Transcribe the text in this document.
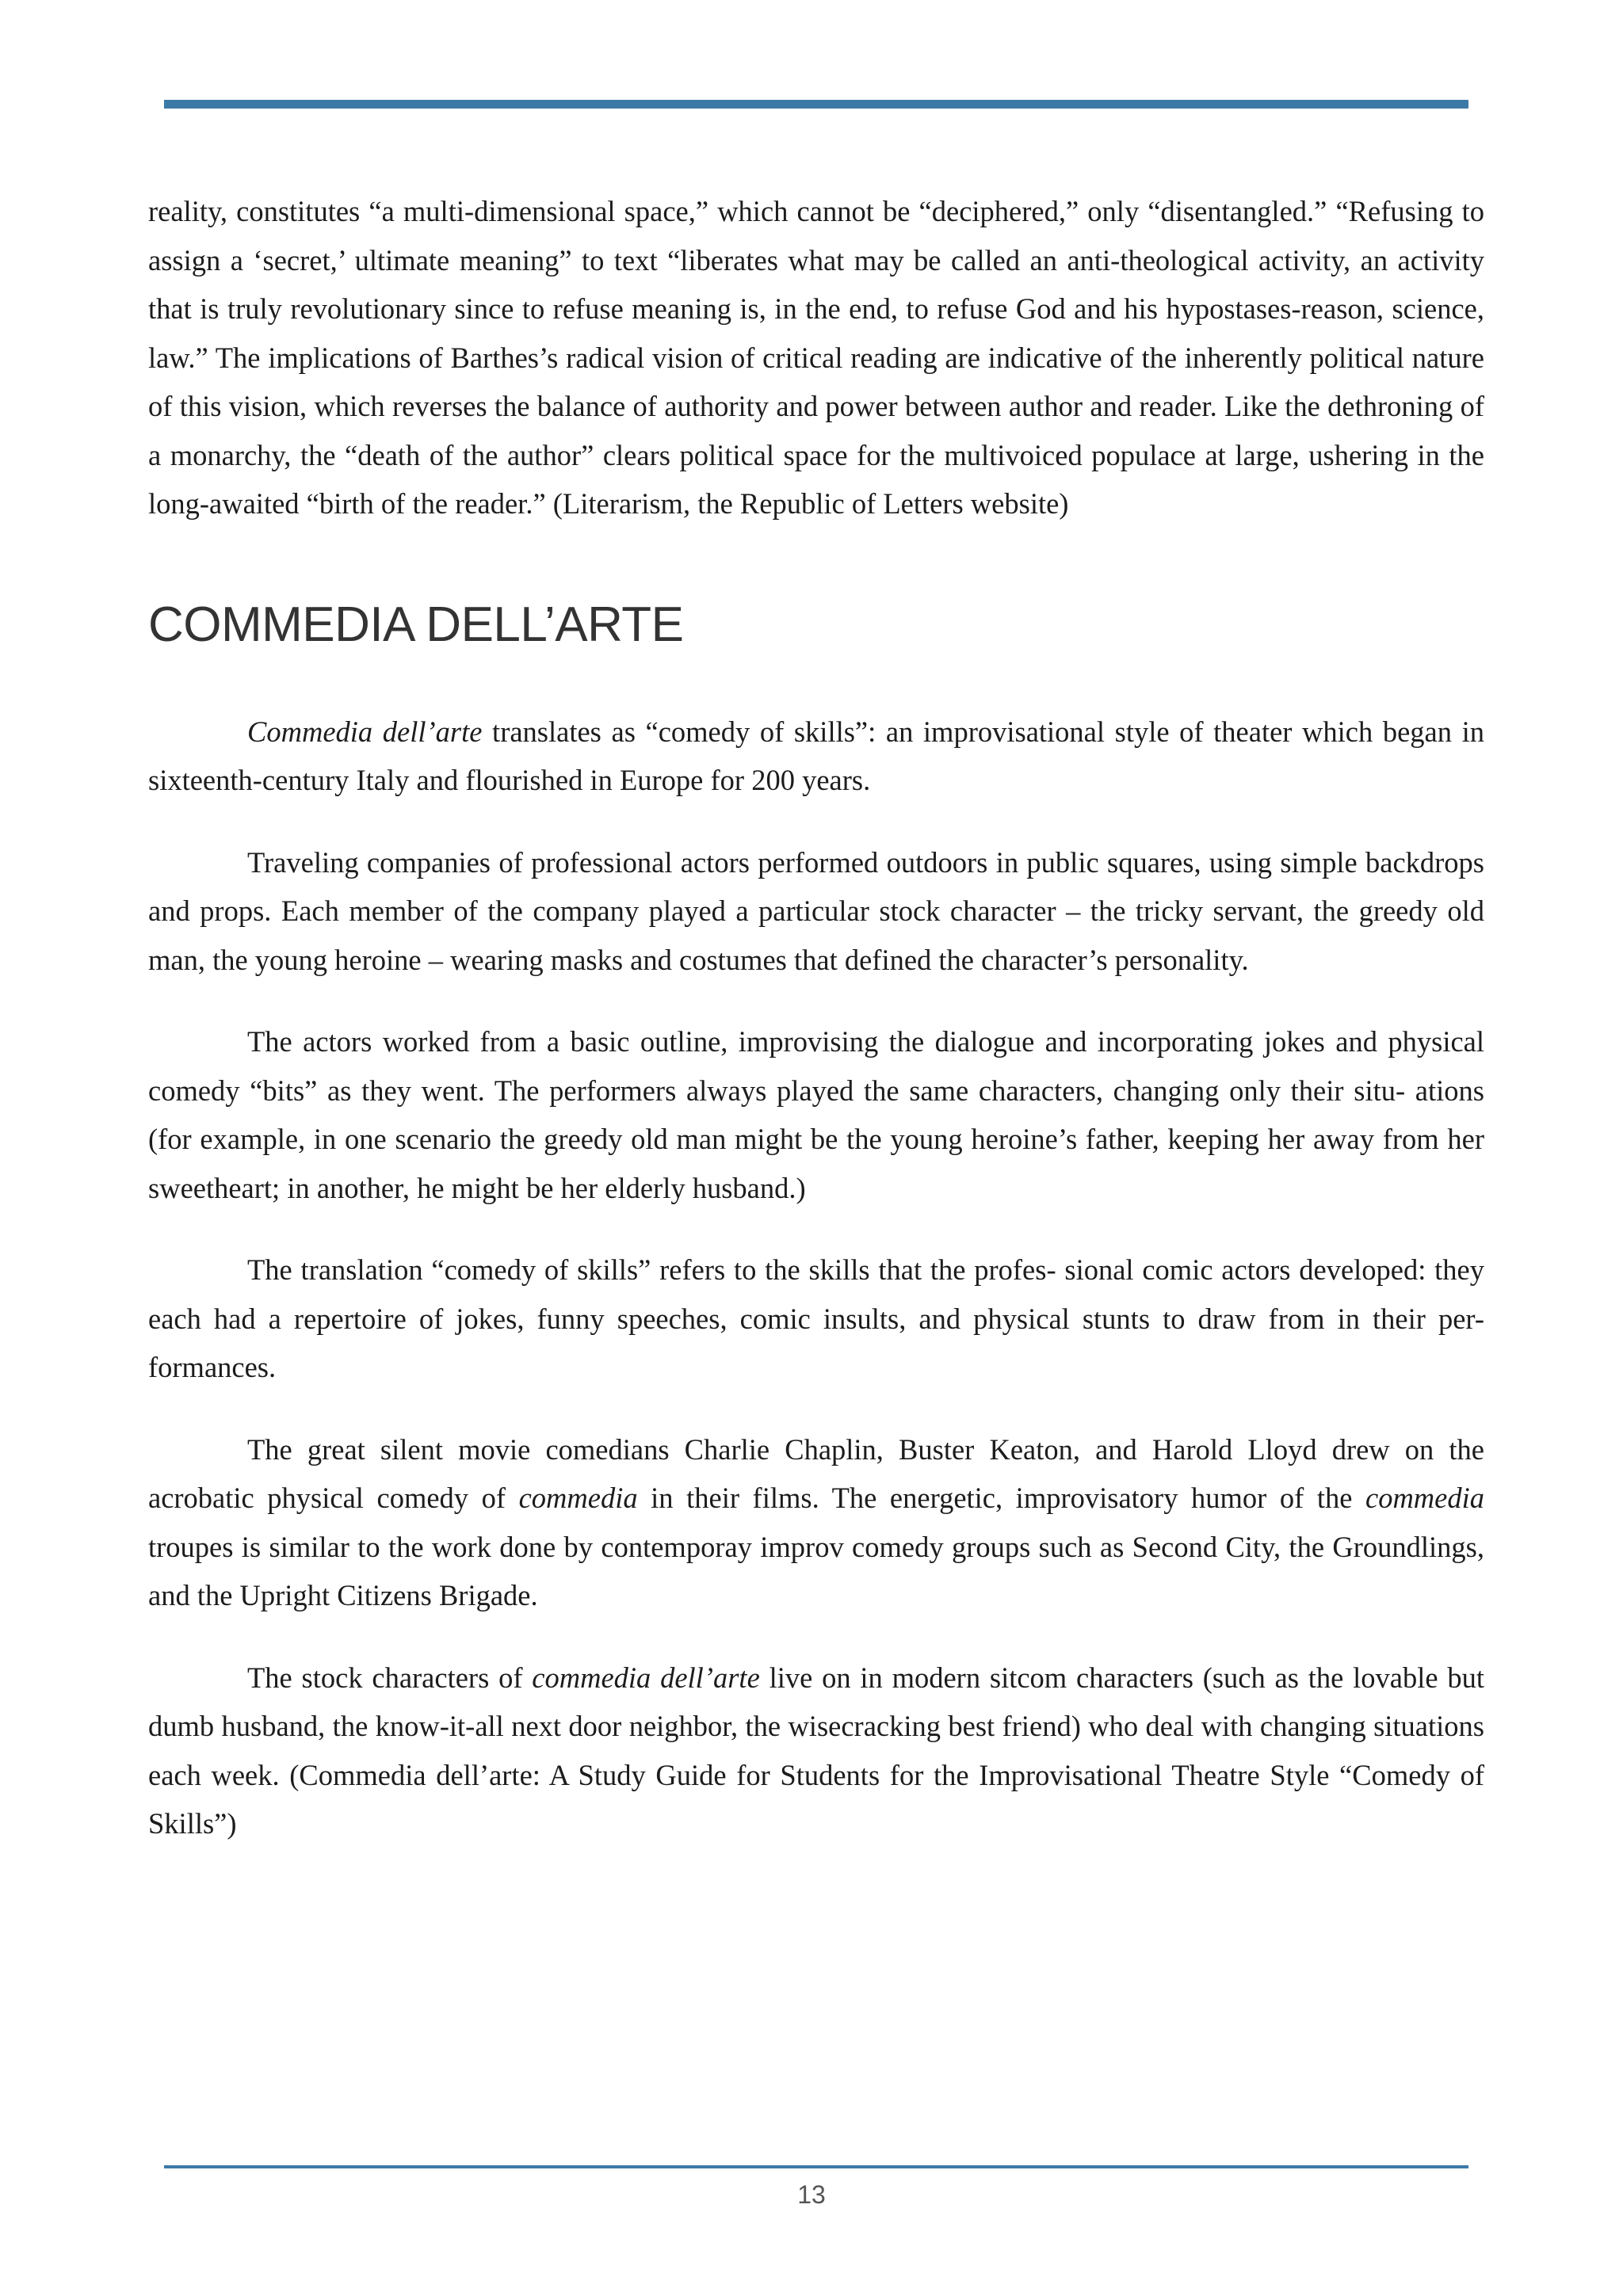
reality, constitutes “a multi-dimensional space,” which cannot be “deciphered,” only “disentangled.” “Refusing to assign a ‘secret,’ ultimate meaning” to text “liberates what may be called an anti-theological activity, an activity that is truly revolutionary since to refuse meaning is, in the end, to refuse God and his hypostases-reason, science, law.” The implications of Barthes’s radical vision of critical reading are indicative of the inherently political nature of this vision, which reverses the balance of authority and power between author and reader. Like the dethroning of a monarchy, the “death of the author” clears political space for the multivoiced populace at large, ushering in the long-awaited “birth of the reader.” (Literarism, the Republic of Letters website)

COMMEDIA DELL’ARTE

Commedia dell’arte translates as “comedy of skills”: an improvisational style of theater which began in sixteenth-century Italy and flourished in Europe for 200 years.

Traveling companies of professional actors performed outdoors in public squares, using simple backdrops and props. Each member of the company played a particular stock character – the tricky servant, the greedy old man, the young heroine – wearing masks and costumes that defined the character’s personality.

The actors worked from a basic outline, improvising the dialogue and incorporating jokes and physical comedy “bits” as they went. The performers always played the same characters, changing only their situ- ations (for example, in one scenario the greedy old man might be the young heroine’s father, keeping her away from her sweetheart; in another, he might be her elderly husband.)

The translation “comedy of skills” refers to the skills that the profes- sional comic actors developed: they each had a repertoire of jokes, funny speeches, comic insults, and physical stunts to draw from in their per- formances.

The great silent movie comedians Charlie Chaplin, Buster Keaton, and Harold Lloyd drew on the acrobatic physical comedy of commedia in their films. The energetic, improvisatory humor of the commedia troupes is similar to the work done by contemporay improv comedy groups such as Second City, the Groundlings, and the Upright Citizens Brigade.

The stock characters of commedia dell’arte live on in modern sitcom characters (such as the lovable but dumb husband, the know-it-all next door neighbor, the wisecracking best friend) who deal with changing situations each week. (Commedia dell’arte: A Study Guide for Students for the Improvisational Theatre Style “Comedy of Skills”)

13
